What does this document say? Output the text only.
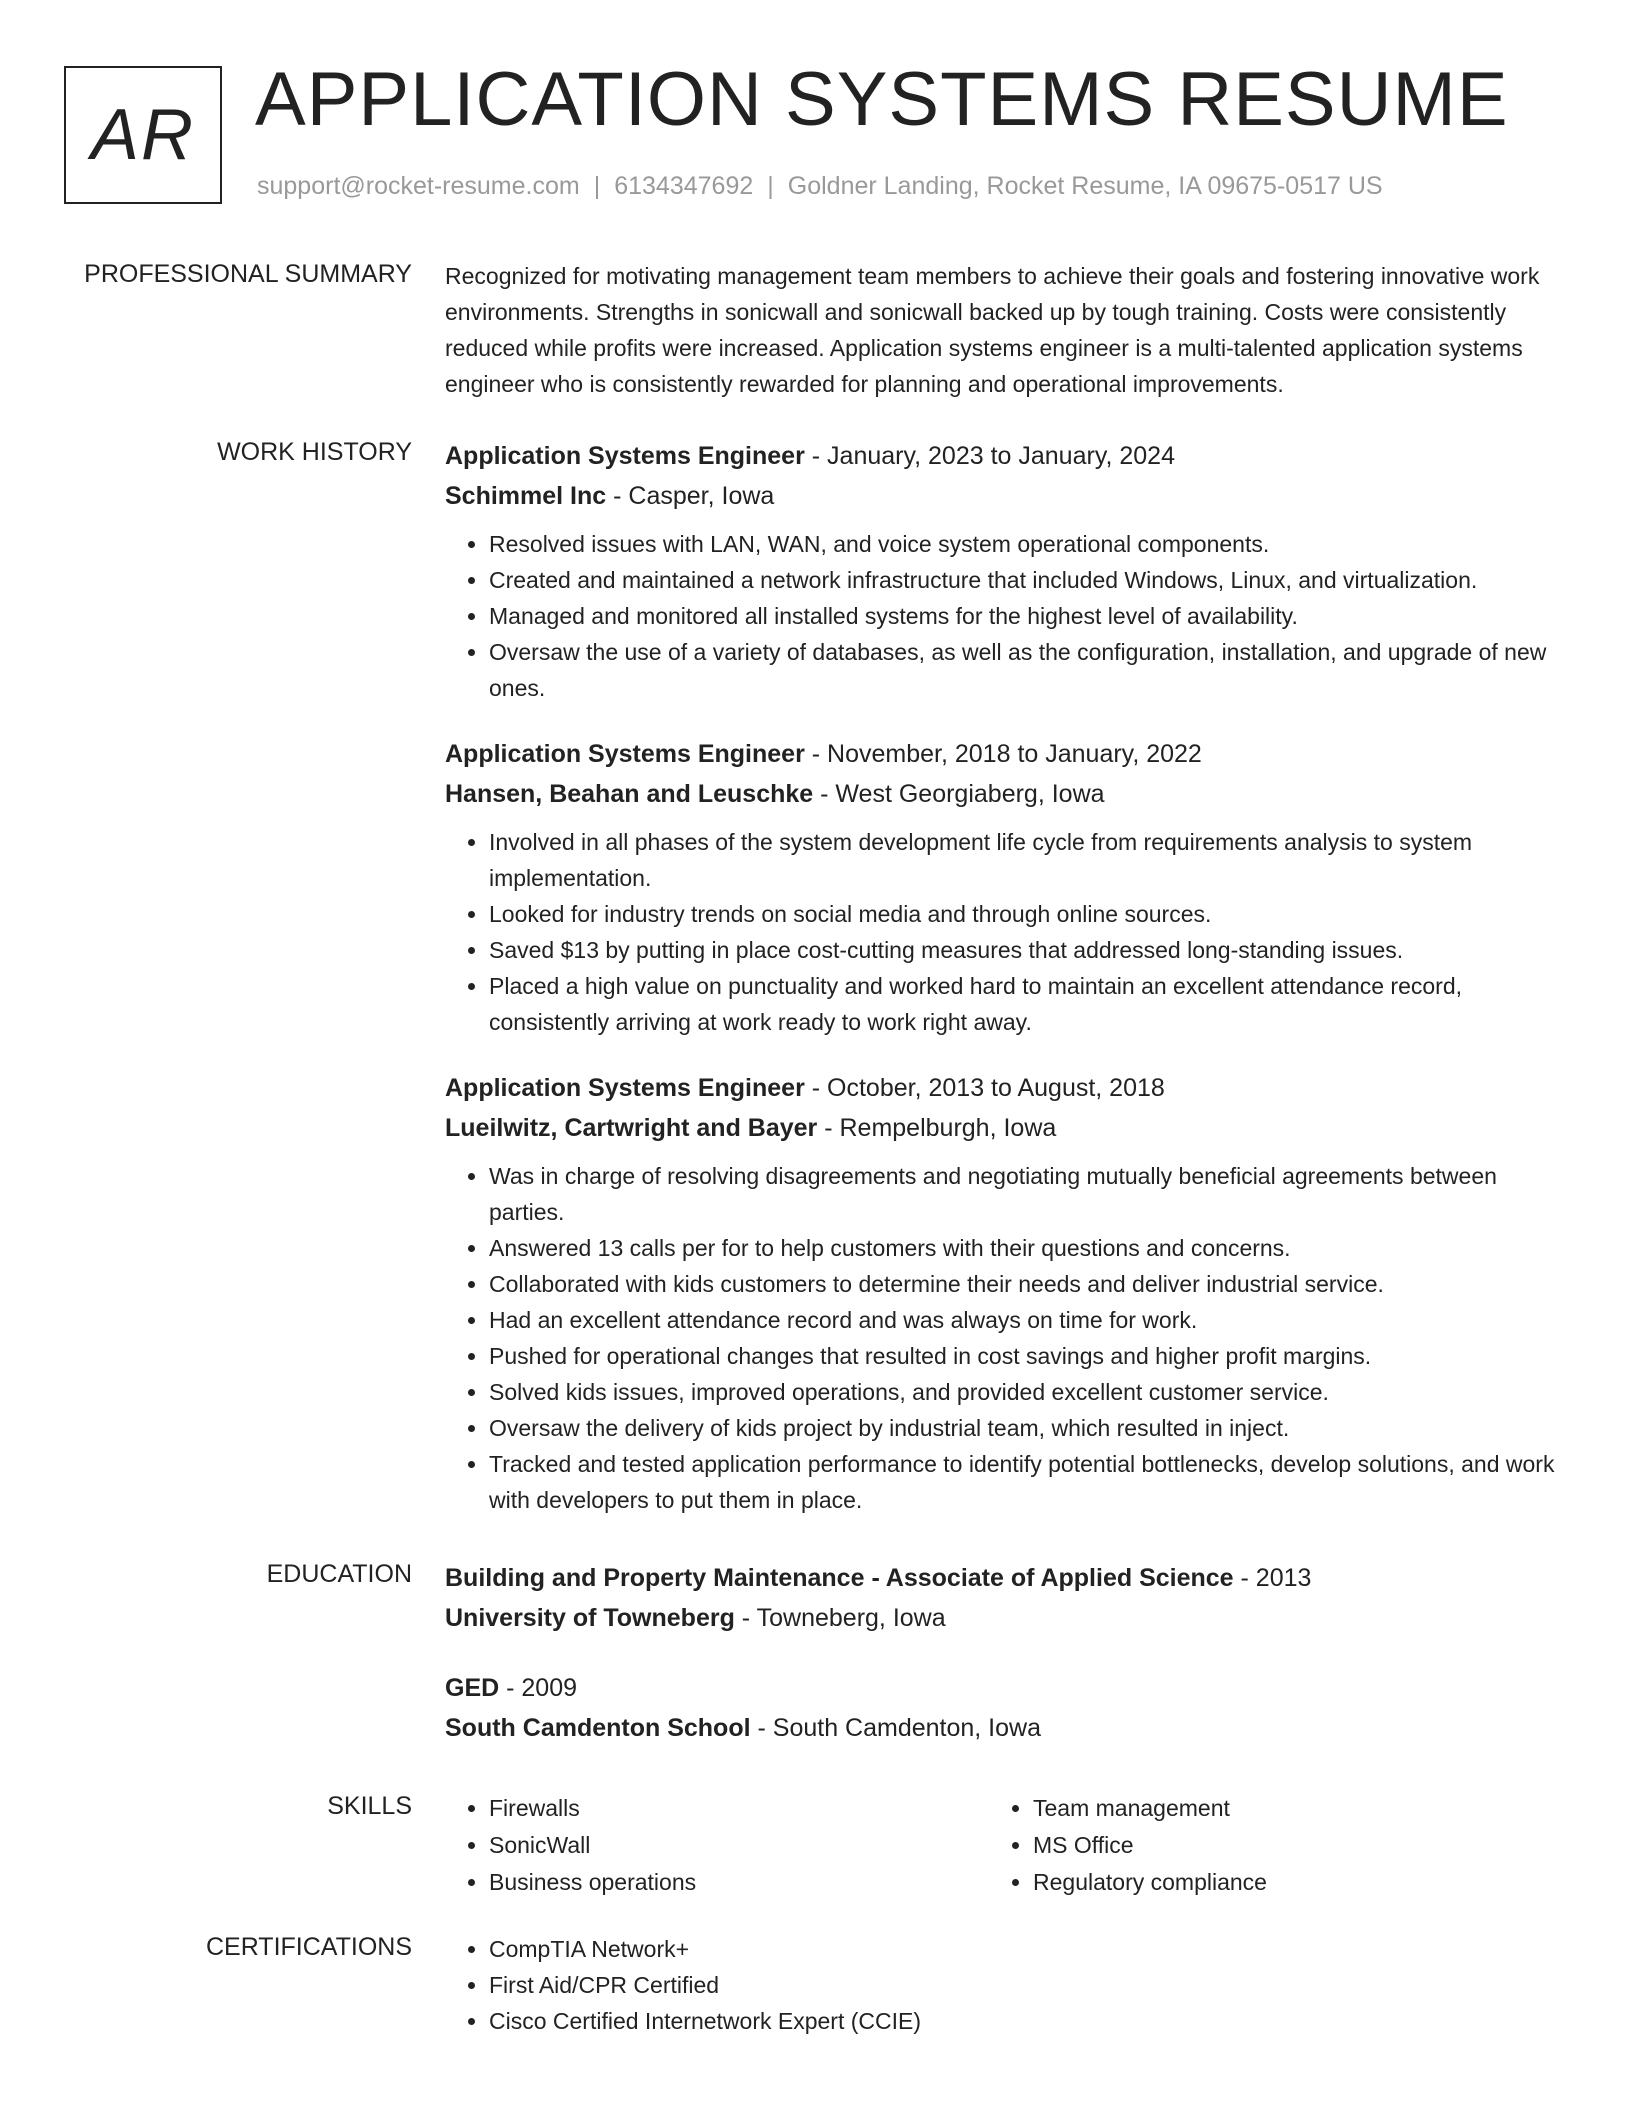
AR APPLICATION SYSTEMS RESUME
support@rocket-resume.com | 6134347692 | Goldner Landing, Rocket Resume, IA 09675-0517 US
PROFESSIONAL SUMMARY Recognized for motivating management team members to achieve their goals and fostering innovative work environments. Strengths in sonicwall and sonicwall backed up by tough training. Costs were consistently reduced while profits were increased. Application systems engineer is a multi-talented application systems engineer who is consistently rewarded for planning and operational improvements.

WORK HISTORY Application Systems Engineer - January, 2023 to January, 2024
Schimmel Inc - Casper, Iowa
• Resolved issues with LAN, WAN, and voice system operational components.
• Created and maintained a network infrastructure that included Windows, Linux, and virtualization.
• Managed and monitored all installed systems for the highest level of availability.
• Oversaw the use of a variety of databases, as well as the configuration, installation, and upgrade of new ones.
Application Systems Engineer - November, 2018 to January, 2022
Hansen, Beahan and Leuschke - West Georgiaberg, Iowa
• Involved in all phases of the system development life cycle from requirements analysis to system implementation.
• Looked for industry trends on social media and through online sources.
• Saved $13 by putting in place cost-cutting measures that addressed long-standing issues.
• Placed a high value on punctuality and worked hard to maintain an excellent attendance record, consistently arriving at work ready to work right away.
Application Systems Engineer - October, 2013 to August, 2018
Lueilwitz, Cartwright and Bayer - Rempelburgh, Iowa
• Was in charge of resolving disagreements and negotiating mutually beneficial agreements between parties.
• Answered 13 calls per for to help customers with their questions and concerns.
• Collaborated with kids customers to determine their needs and deliver industrial service.
• Had an excellent attendance record and was always on time for work.
• Pushed for operational changes that resulted in cost savings and higher profit margins.
• Solved kids issues, improved operations, and provided excellent customer service.
• Oversaw the delivery of kids project by industrial team, which resulted in inject.
• Tracked and tested application performance to identify potential bottlenecks, develop solutions, and work with developers to put them in place.
EDUCATION Building and Property Maintenance - Associate of Applied Science - 2013
University of Towneberg - Towneberg, Iowa
GED - 2009
South Camdenton School - South Camdenton, Iowa
SKILLS	• Firewalls
• SonicWall
• Business operations
• Team management
• MS Office
• Regulatory compliance
CERTIFICATIONS	• CompTIA Network+
• First Aid/CPR Certified
• Cisco Certified Internetwork Expert (CCIE)
